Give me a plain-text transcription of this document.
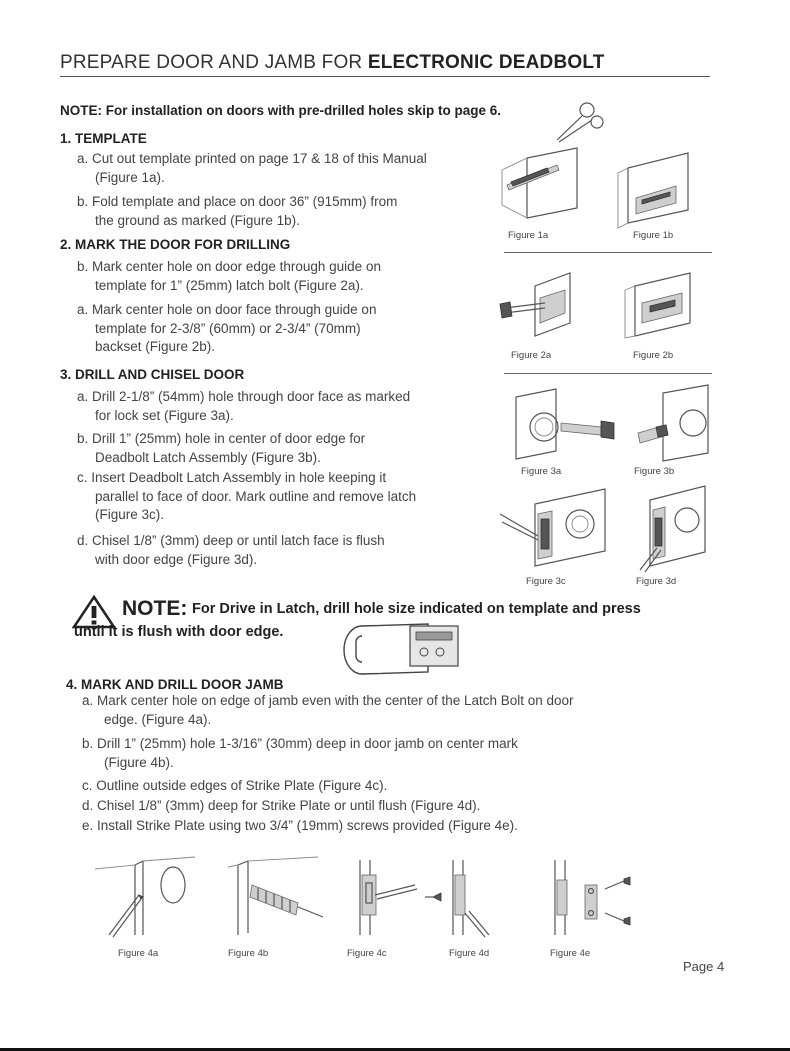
PREPARE DOOR AND JAMB FOR ELECTRONIC DEADBOLT
NOTE: For installation on doors with pre-drilled holes skip to page 6.
1. TEMPLATE
a. Cut out template printed on page 17 & 18 of this Manual
(Figure 1a).
b. Fold template and place on door 36” (915mm) from
the ground as marked (Figure 1b).
2. MARK THE DOOR FOR DRILLING
b. Mark center hole on door edge through guide on
template for 1” (25mm) latch bolt (Figure 2a).
a. Mark center hole on door face through guide on
template for 2-3/8” (60mm) or 2-3/4” (70mm)
backset (Figure 2b).
3. DRILL AND CHISEL DOOR
a. Drill 2-1/8” (54mm) hole through door face as marked
for lock set (Figure 3a).
b. Drill 1” (25mm) hole in center of door edge for
Deadbolt Latch Assembly (Figure 3b).
c. Insert Deadbolt Latch Assembly in hole keeping it
parallel to face of door. Mark outline and remove latch
(Figure 3c).
d. Chisel 1/8” (3mm) deep or until latch face is flush
with door edge (Figure 3d).
Figure 1a	Figure 1b
Figure 2a	Figure 2b
Figure 3a	Figure 3b
Figure 3c	Figure 3d
NOTE: For Drive in Latch, drill hole size indicated on template and press
until it is flush with door edge.
4. MARK AND DRILL DOOR JAMB
a. Mark center hole on edge of jamb even with the center of the Latch Bolt on door
edge. (Figure 4a).
b. Drill 1” (25mm) hole 1-3/16” (30mm) deep in door jamb on center mark
(Figure 4b).
c. Outline outside edges of Strike Plate (Figure 4c).
d. Chisel 1/8” (3mm) deep for Strike Plate or until flush (Figure 4d).
e. Install Strike Plate using two 3/4” (19mm) screws provided (Figure 4e).
Figure 4a	Figure 4b	Figure 4c	Figure 4d	Figure 4e
Page 4
